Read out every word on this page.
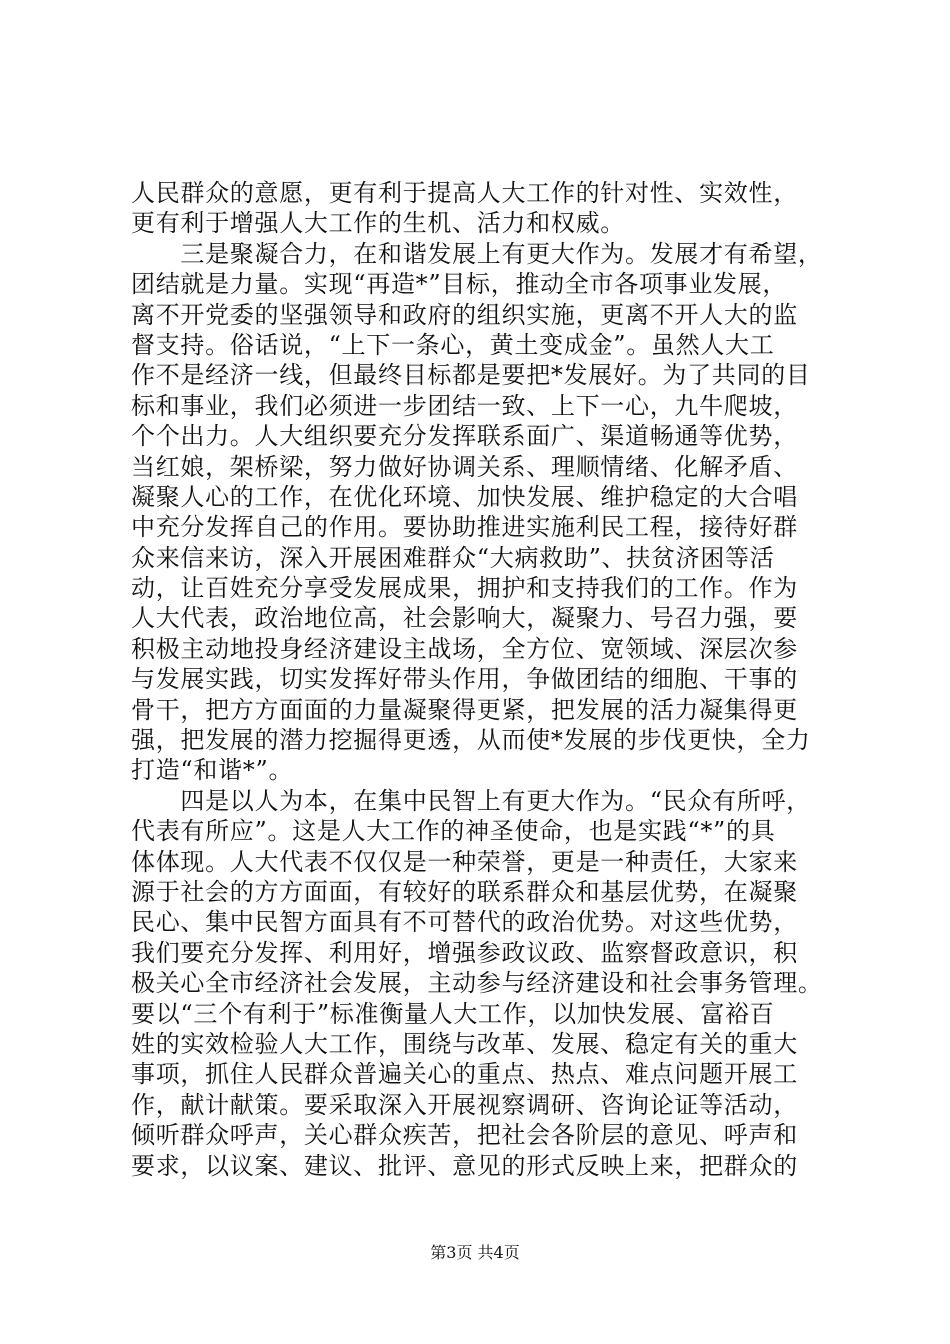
人民群众的意愿，更有利于提高人大工作的针对性、实效性，
更有利于增强人大工作的生机、活力和权威。
　　三是聚凝合力，在和谐发展上有更大作为。发展才有希望，
团结就是力量。实现“再造*”目标，推动全市各项事业发展，
离不开党委的坚强领导和政府的组织实施，更离不开人大的监
督支持。俗话说，“上下一条心，黄土变成金”。虽然人大工
作不是经济一线，但最终目标都是要把*发展好。为了共同的目
标和事业，我们必须进一步团结一致、上下一心，九牛爬坡，
个个出力。人大组织要充分发挥联系面广、渠道畅通等优势，
当红娘，架桥梁，努力做好协调关系、理顺情绪、化解矛盾、
凝聚人心的工作，在优化环境、加快发展、维护稳定的大合唱
中充分发挥自己的作用。要协助推进实施利民工程，接待好群
众来信来访，深入开展困难群众“大病救助”、扶贫济困等活
动，让百姓充分享受发展成果，拥护和支持我们的工作。作为
人大代表，政治地位高，社会影响大，凝聚力、号召力强，要
积极主动地投身经济建设主战场，全方位、宽领域、深层次参
与发展实践，切实发挥好带头作用，争做团结的细胞、干事的
骨干，把方方面面的力量凝聚得更紧，把发展的活力凝集得更
强，把发展的潜力挖掘得更透，从而使*发展的步伐更快，全力
打造“和谐*”。
　　四是以人为本，在集中民智上有更大作为。“民众有所呼，
代表有所应”。这是人大工作的神圣使命，也是实践“*”的具
体体现。人大代表不仅仅是一种荣誉，更是一种责任，大家来
源于社会的方方面面，有较好的联系群众和基层优势，在凝聚
民心、集中民智方面具有不可替代的政治优势。对这些优势，
我们要充分发挥、利用好，增强参政议政、监察督政意识，积
极关心全市经济社会发展，主动参与经济建设和社会事务管理。
要以“三个有利于”标准衡量人大工作，以加快发展、富裕百
姓的实效检验人大工作，围绕与改革、发展、稳定有关的重大
事项，抓住人民群众普遍关心的重点、热点、难点问题开展工
作，献计献策。要采取深入开展视察调研、咨询论证等活动，
倾听群众呼声，关心群众疾苦，把社会各阶层的意见、呼声和
要求，以议案、建议、批评、意见的形式反映上来，把群众的
第3页 共4页
